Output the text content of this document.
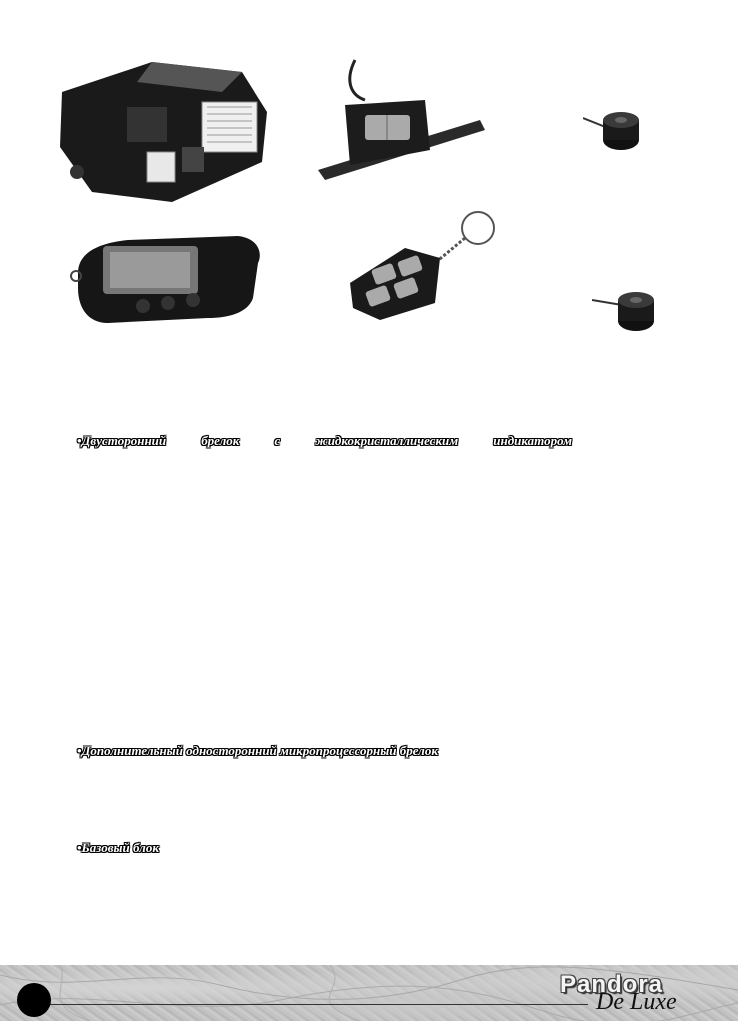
•Двусторонний брелок с жидкокристаллическим индикатором
•Дополнительный односторонний микропроцессорный брелок
•Базовый блок
Pandora
De Luxe
